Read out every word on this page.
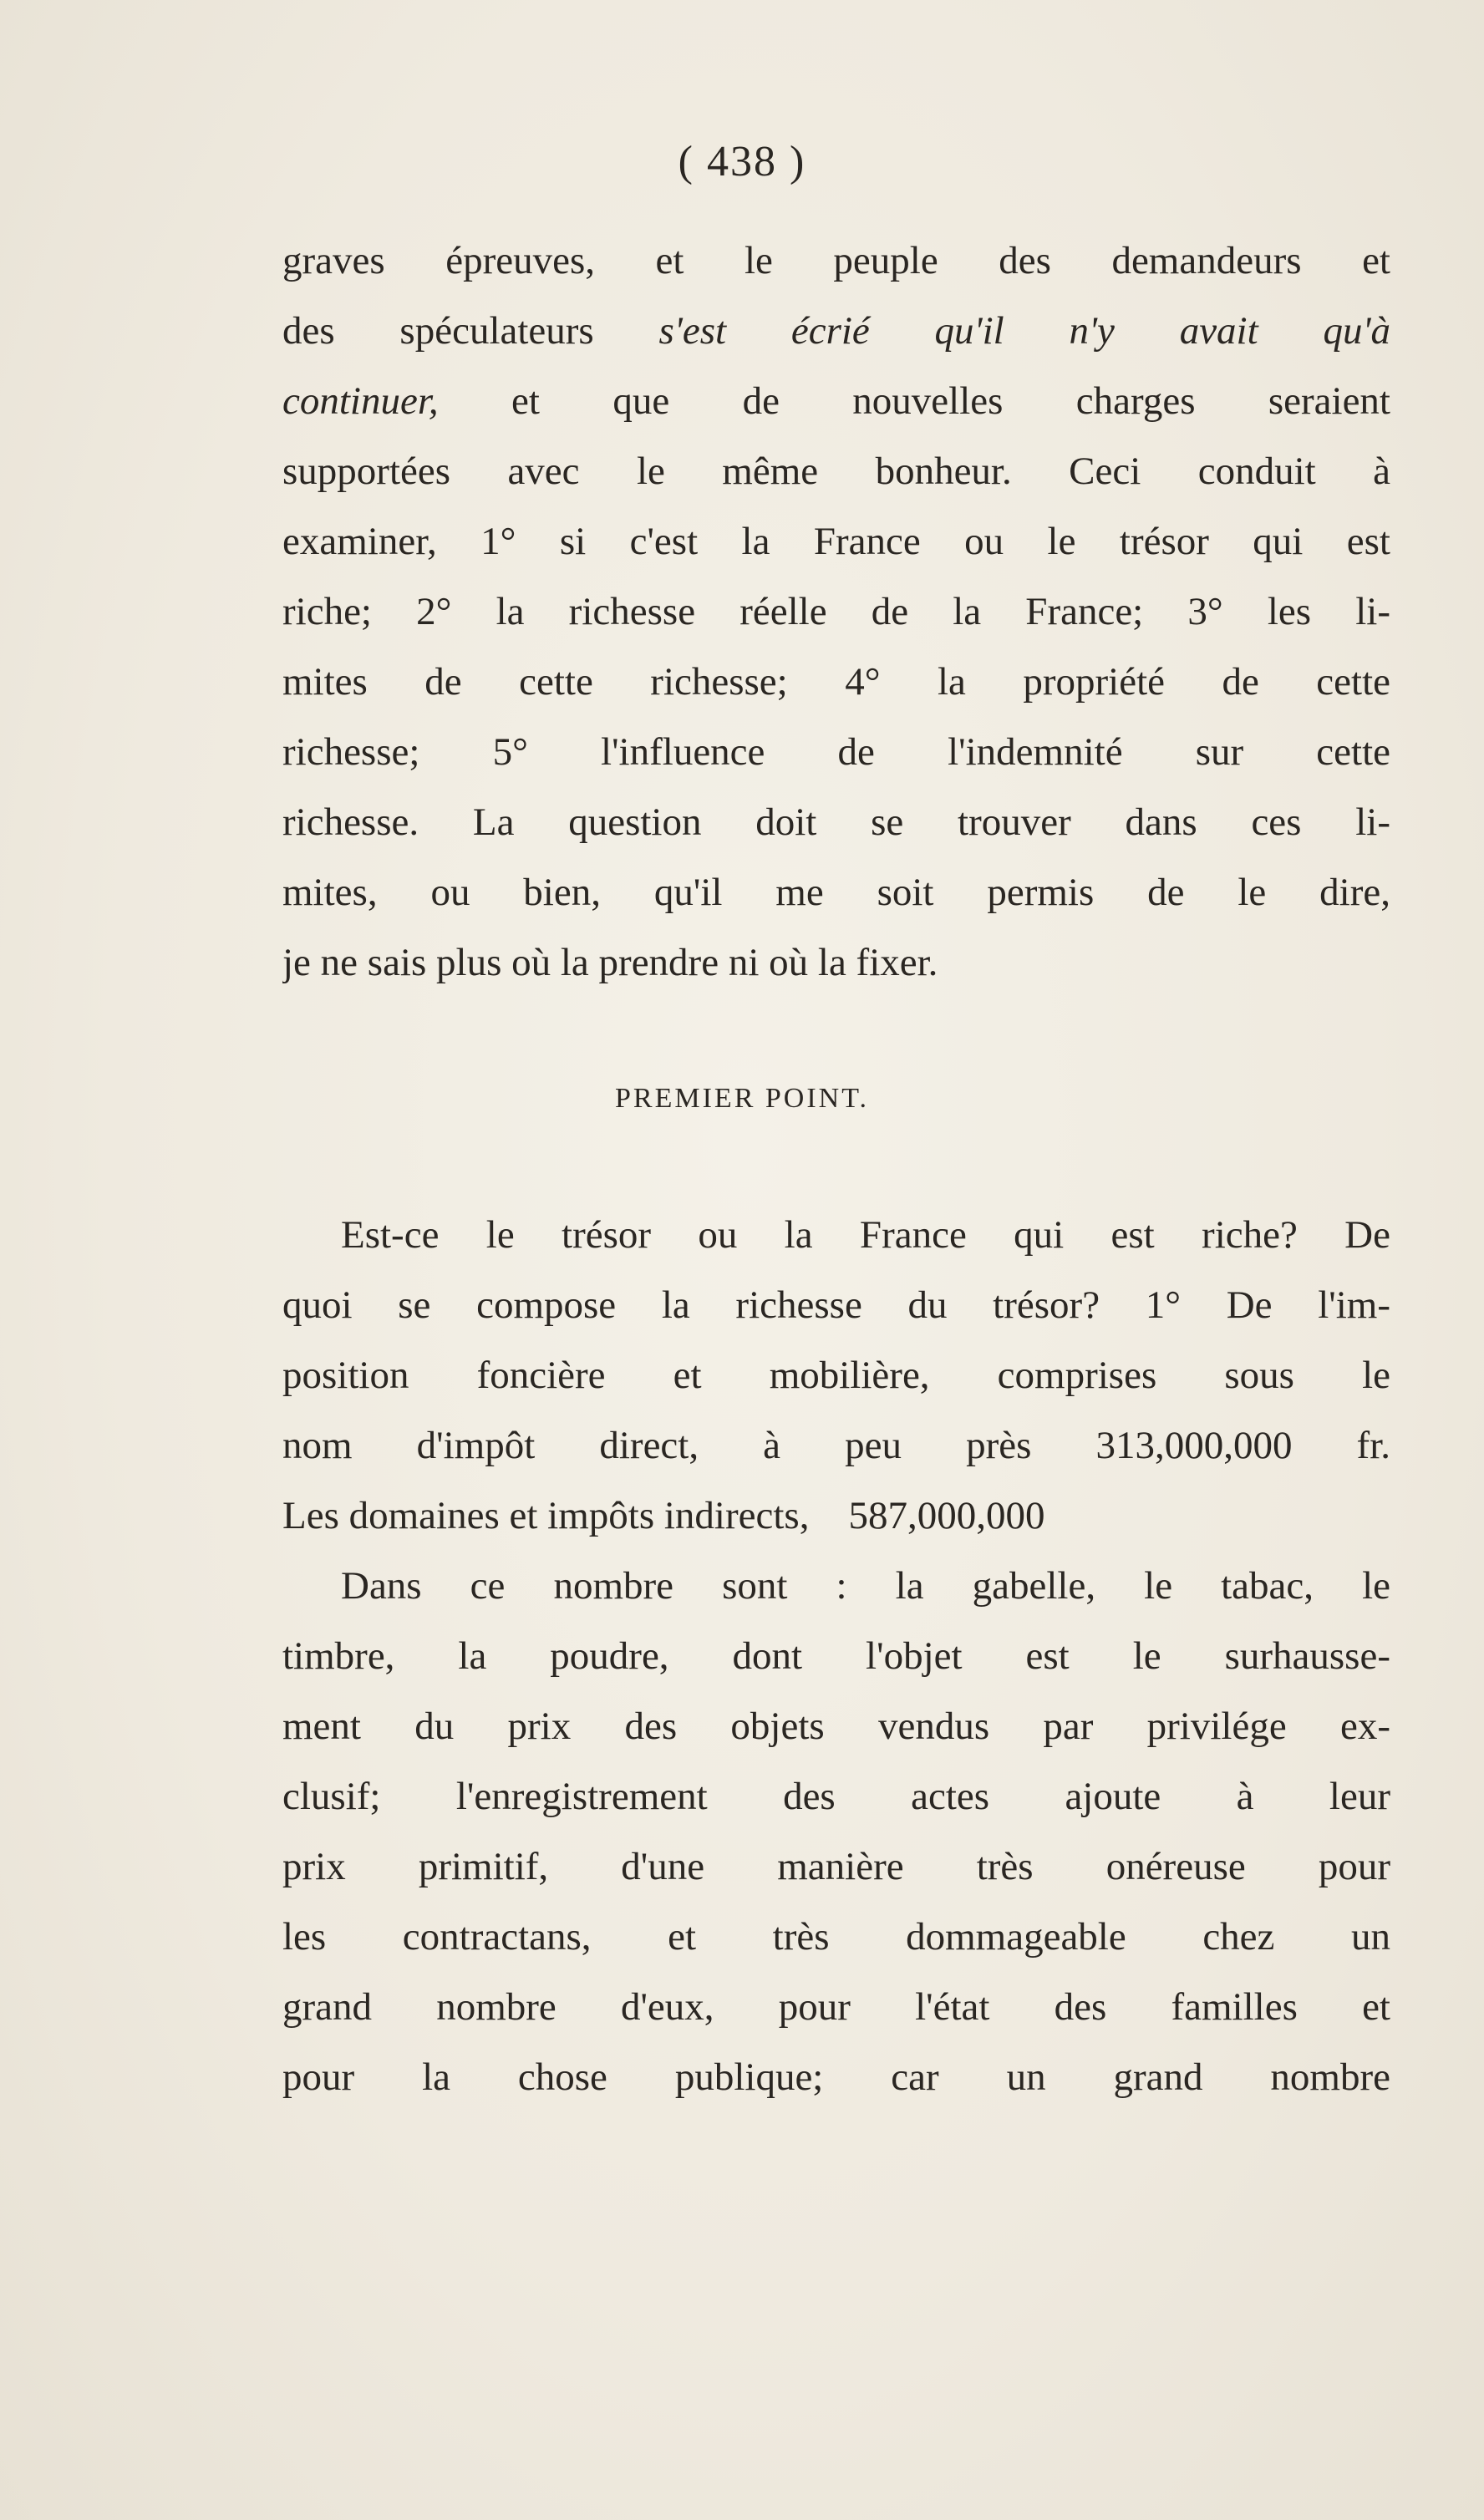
( 438 )
graves épreuves, et le peuple des demandeurs et
des spéculateurs s'est écrié qu'il n'y avait qu'à
continuer, et que de nouvelles charges seraient
supportées avec le même bonheur. Ceci conduit à
examiner, 1° si c'est la France ou le trésor qui est
riche; 2° la richesse réelle de la France; 3° les li-
mites de cette richesse; 4° la propriété de cette
richesse; 5° l'influence de l'indemnité sur cette
richesse. La question doit se trouver dans ces li-
mites, ou bien, qu'il me soit permis de le dire,
je ne sais plus où la prendre ni où la fixer.
PREMIER POINT.
Est-ce le trésor ou la France qui est riche? De
quoi se compose la richesse du trésor? 1° De l'im-
position foncière et mobilière, comprises sous le
nom d'impôt direct, à peu près 313,000,000 fr.
Les domaines et impôts indirects,  587,000,000
Dans ce nombre sont : la gabelle, le tabac, le
timbre, la poudre, dont l'objet est le surhausse-
ment du prix des objets vendus par privilége ex-
clusif; l'enregistrement des actes ajoute à leur
prix primitif, d'une manière très onéreuse pour
les contractans, et très dommageable chez un
grand nombre d'eux, pour l'état des familles et
pour la chose publique; car un grand nombre
